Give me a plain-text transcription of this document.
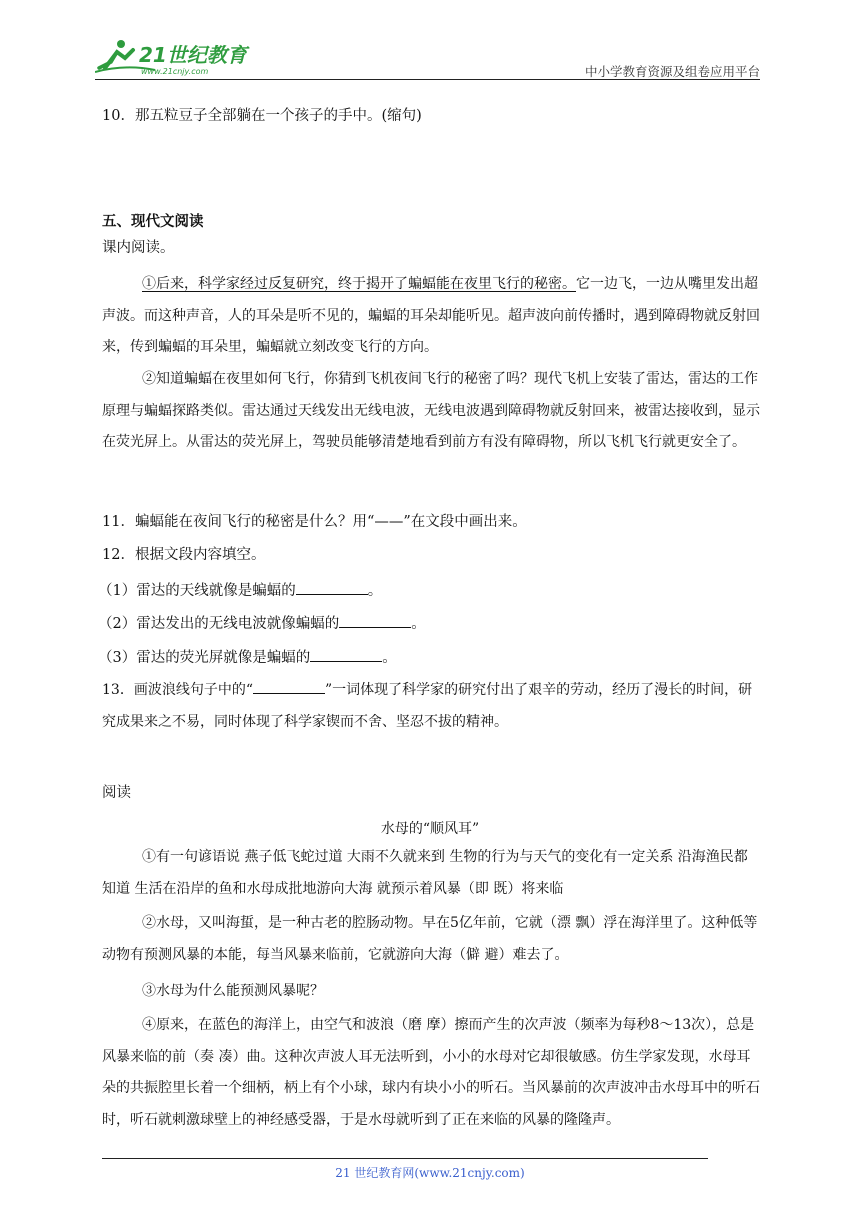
21世纪教育
www.21cnjy.com	中小学教育资源及组卷应用平台
10．那五粒豆子全部躺在一个孩子的手中。(缩句)
五、现代文阅读
课内阅读。
①后来，科学家经过反复研究，终于揭开了蝙蝠能在夜里飞行的秘密。它一边飞，一边从嘴里发出超声波。而这种声音，人的耳朵是听不见的，蝙蝠的耳朵却能听见。超声波向前传播时，遇到障碍物就反射回来，传到蝙蝠的耳朵里，蝙蝠就立刻改变飞行的方向。
②知道蝙蝠在夜里如何飞行，你猜到飞机夜间飞行的秘密了吗？现代飞机上安装了雷达，雷达的工作原理与蝙蝠探路类似。雷达通过天线发出无线电波，无线电波遇到障碍物就反射回来，被雷达接收到，显示在荧光屏上。从雷达的荧光屏上，驾驶员能够清楚地看到前方有没有障碍物，所以飞机飞行就更安全了。
11．蝙蝠能在夜间飞行的秘密是什么？用“——”在文段中画出来。
12．根据文段内容填空。
（1）雷达的天线就像是蝙蝠的	。
（2）雷达发出的无线电波就像蝙蝠的	。
（3）雷达的荧光屏就像是蝙蝠的	。
13．画波浪线句子中的“	”一词体现了科学家的研究付出了艰辛的劳动，经历了漫长的时间，研究成果来之不易，同时体现了科学家锲而不舍、坚忍不拔的精神。
阅读
水母的“顺风耳”
①有一句谚语说 燕子低飞蛇过道 大雨不久就来到 生物的行为与天气的变化有一定关系 沿海渔民都知道 生活在沿岸的鱼和水母成批地游向大海 就预示着风暴（即 既）将来临
②水母，又叫海蜇，是一种古老的腔肠动物。早在5亿年前，它就（漂 飘）浮在海洋里了。这种低等动物有预测风暴的本能，每当风暴来临前，它就游向大海（僻 避）难去了。
③水母为什么能预测风暴呢？
④原来，在蓝色的海洋上，由空气和波浪（磨 摩）擦而产生的次声波（频率为每秒8～13次），总是风暴来临的前（奏 凑）曲。这种次声波人耳无法听到，小小的水母对它却很敏感。仿生学家发现，水母耳朵的共振腔里长着一个细柄，柄上有个小球，球内有块小小的听石。当风暴前的次声波冲击水母耳中的听石时，听石就刺激球壁上的神经感受器，于是水母就听到了正在来临的风暴的隆隆声。
21 世纪教育网(www.21cnjy.com)
